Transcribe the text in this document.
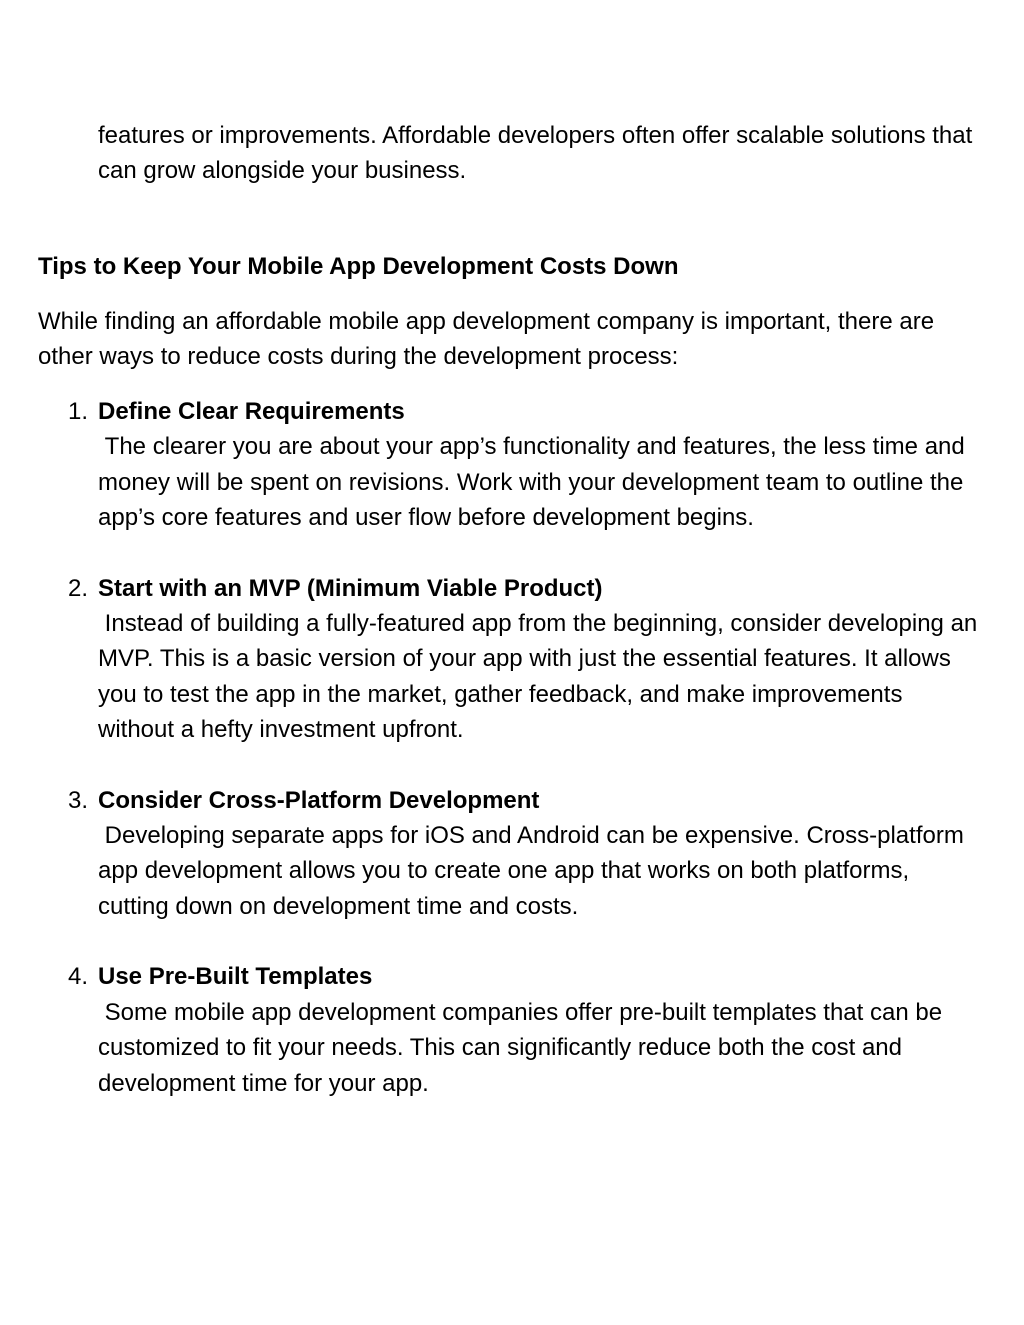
features or improvements. Affordable developers often offer scalable solutions that can grow alongside your business.

Tips to Keep Your Mobile App Development Costs Down

While finding an affordable mobile app development company is important, there are other ways to reduce costs during the development process:

1. Define Clear Requirements
The clearer you are about your app’s functionality and features, the less time and money will be spent on revisions. Work with your development team to outline the app’s core features and user flow before development begins.
2. Start with an MVP (Minimum Viable Product)
Instead of building a fully-featured app from the beginning, consider developing an MVP. This is a basic version of your app with just the essential features. It allows you to test the app in the market, gather feedback, and make improvements without a hefty investment upfront.
3. Consider Cross-Platform Development
Developing separate apps for iOS and Android can be expensive. Cross-platform app development allows you to create one app that works on both platforms, cutting down on development time and costs.
4. Use Pre-Built Templates
Some mobile app development companies offer pre-built templates that can be customized to fit your needs. This can significantly reduce both the cost and development time for your app.
